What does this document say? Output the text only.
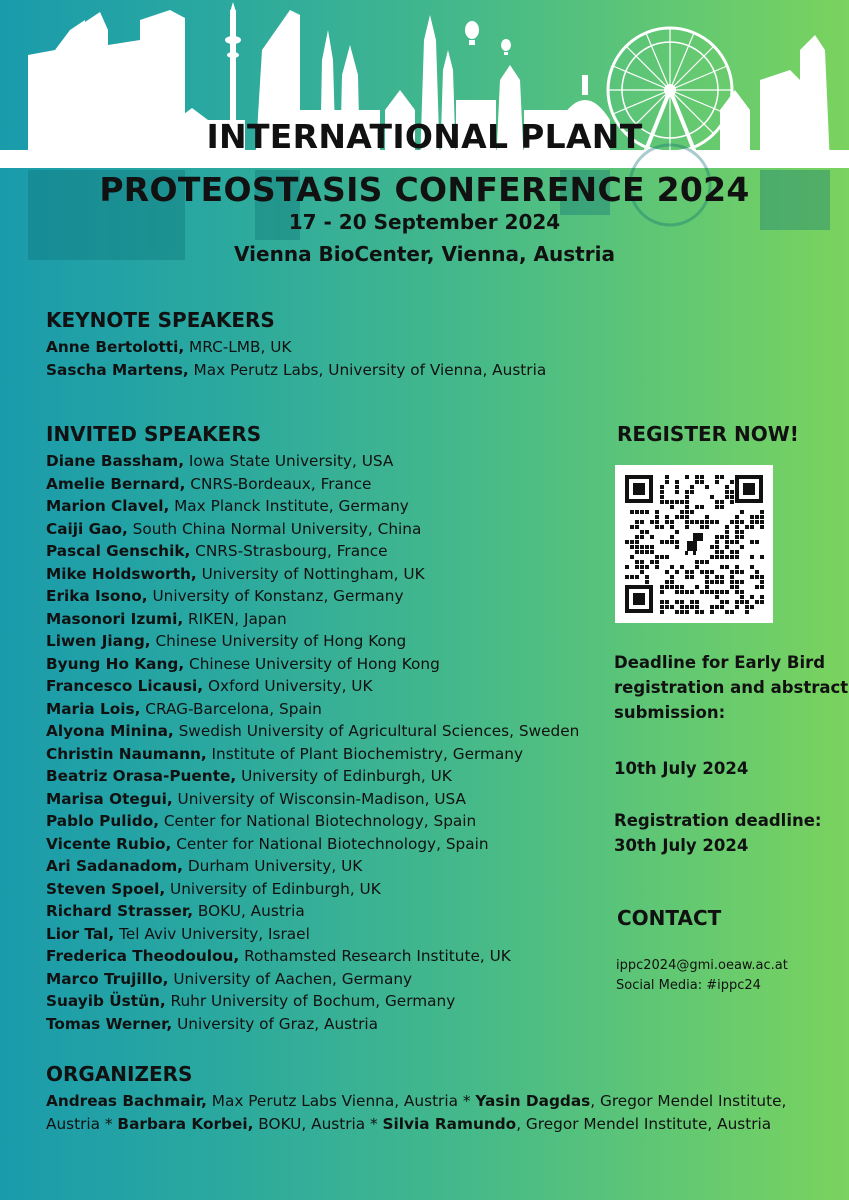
INTERNATIONAL PLANT
PROTEOSTASIS CONFERENCE 2024
17 - 20 September 2024
Vienna BioCenter, Vienna, Austria
KEYNOTE SPEAKERS
Anne Bertolotti, MRC-LMB, UK
Sascha Martens, Max Perutz Labs, University of Vienna, Austria
INVITED SPEAKERS
Diane Bassham, Iowa State University, USA
Amelie Bernard, CNRS-Bordeaux, France
Marion Clavel, Max Planck Institute, Germany
Caiji Gao, South China Normal University, China
Pascal Genschik, CNRS-Strasbourg, France
Mike Holdsworth, University of Nottingham, UK
Erika Isono, University of Konstanz, Germany
Masonori Izumi, RIKEN, Japan
Liwen Jiang, Chinese University of Hong Kong
Byung Ho Kang, Chinese University of Hong Kong
Francesco Licausi, Oxford University, UK
Maria Lois, CRAG-Barcelona, Spain
Alyona Minina, Swedish University of Agricultural Sciences, Sweden
Christin Naumann, Institute of Plant Biochemistry, Germany
Beatriz Orasa-Puente, University of Edinburgh, UK
Marisa Otegui, University of Wisconsin-Madison, USA
Pablo Pulido, Center for National Biotechnology, Spain
Vicente Rubio, Center for National Biotechnology, Spain
Ari Sadanadom, Durham University, UK
Steven Spoel, University of Edinburgh, UK
Richard Strasser, BOKU, Austria
Lior Tal, Tel Aviv University, Israel
Frederica Theodoulou, Rothamsted Research Institute, UK
Marco Trujillo, University of Aachen, Germany
Suayib Üstün, Ruhr University of Bochum, Germany
Tomas Werner, University of Graz, Austria
ORGANIZERS
Andreas Bachmair, Max Perutz Labs Vienna, Austria * Yasin Dagdas, Gregor Mendel Institute, Austria * Barbara Korbei, BOKU, Austria * Silvia Ramundo, Gregor Mendel Institute, Austria
REGISTER NOW!
Deadline for Early Bird
registration and abstract
submission:
10th July 2024
Registration deadline:
30th July 2024
CONTACT
ippc2024@gmi.oeaw.ac.at
Social Media: #ippc24
